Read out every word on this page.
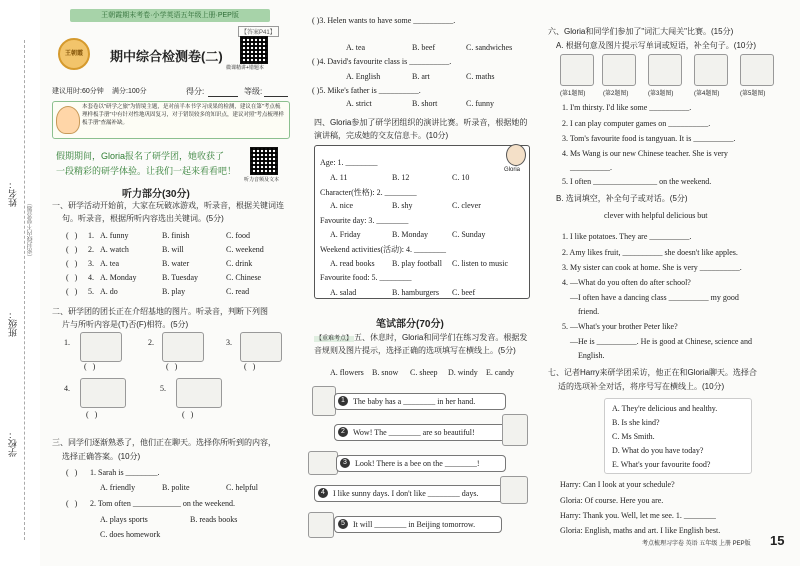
姓名：
班级：
学校：
（密封线内不要答题）
王朝霞期末考卷·小学英语五年级上册·PEP版
【答案P41】
王朝霞	期中综合检测卷(二)
微课精讲+错题本
建议用时:60分钟 满分:100分	得分:	等级:
本套卷以"研学之旅"为情境主题，是对前半本书学习成果的检测，建议在第"考点梳理样板手册"中有针对性地巩固复习，对于错误较多的知识点，建议对照"考点梳理样板手册"查漏补缺。
假期期间，Gloria报名了研学团，她收获了
一段精彩的研学体验。让我们一起来看看吧！
听力音频及文本
听力部分(30分)
一、研学活动开始前，大家在玩破冰游戏，听录音，根据关键词连
句。听录音，根据所听内容选出关键词。(5分)
(   ) 1. A. funny	B. finish	C. food
(   ) 2. A. watch	B. will	C. weekend
(   ) 3. A. tea	B. water	C. drink
(   ) 4. A. Monday	B. Tuesday	C. Chinese
(   ) 5. A. do	B. play	C. read
二、研学团的团长正在介绍基地的图片。听录音，判断下列图
片与所听内容是(T)否(F)相符。(5分)
1.
(   )
2.
(   )
3.
(   )
4.
(   )
5.
(   )
三、同学们逐渐熟悉了，他们正在聊天。选择你所听到的内容，
选择正确答案。(10分)
(   ) 1. Sarah is ________.
A. friendly	B. polite	C. helpful
(   ) 2. Tom often ____________ on the weekend.
A. plays sports	B. reads books
C. does homework
( )3. Helen wants to have some __________.
A. tea	B. beef	C. sandwiches
( )4. David's favourite class is __________.
A. English	B. art	C. maths
( )5. Mike's father is __________.
A. strict	B. short	C. funny
四、Gloria参加了研学团组织的演讲比赛。听录音，根据她的
演讲稿，完成她的交友信息卡。(10分)
Gloria
Age: 1. ________
A. 11	B. 12	C. 10
Character(性格): 2. ________
A. nice	B. shy	C. clever
Favourite day: 3. ________
A. Friday	B. Monday	C. Sunday
Weekend activities(活动): 4. ________
A. read books B. play football C. listen to music
Favourite food: 5. ________
A. salad	B. hamburgers C. beef
笔试部分(70分)
【重难考点】 五、休息时，Gloria和同学们在练习发音。根据发
音规则及图片提示，选择正确的选项填写在横线上。(5分)
A. flowers B. snow C. sheep D. windy E. candy
1	The baby has a ________ in her hand.
2	Wow! The ________ are so beautiful!
3	Look! There is a bee on the ________!
4	I like sunny days. I don't like ________ days.
5	It will ________ in Beijing tomorrow.
六、Gloria和同学们参加了"词汇大闯关"比赛。(15分)
A. 根据句意及图片提示写单词或短语，补全句子。(10分)
(第1题图)	(第2题图)	(第3题图)	(第4题图)	(第5题图)
1. I'm thirsty. I'd like some __________.
2. I can play computer games on __________.
3. Tom's favourite food is tangyuan. It is __________.
4. Ms Wang is our new Chinese teacher. She is very
__________.
5. I often ________________ on the weekend.
B. 选词填空，补全句子或对话。(5分)
clever with helpful delicious but
1. I like potatoes. They are __________.
2. Amy likes fruit, __________ she doesn't like apples.
3. My sister can cook at home. She is very __________.
4. —What do you often do after school?
—I often have a dancing class __________ my good
friend.
5. —What's your brother Peter like?
—He is __________. He is good at Chinese, science and
English.
七、记者Harry来研学团采访，他正在和Gloria聊天。选择合
适的选项补全对话，将序号写在横线上。(10分)
A. They're delicious and healthy.
B. Is she kind?
C. Ms Smith.
D. What do you have today?
E. What's your favourite food?
Harry: Can I look at your schedule?
Gloria: Of course. Here you are.
Harry: Thank you. Well, let me see. 1. ________
Gloria: English, maths and art. I like English best.
考点梳理习字卷 英语 五年级 上册 PEP版 15
